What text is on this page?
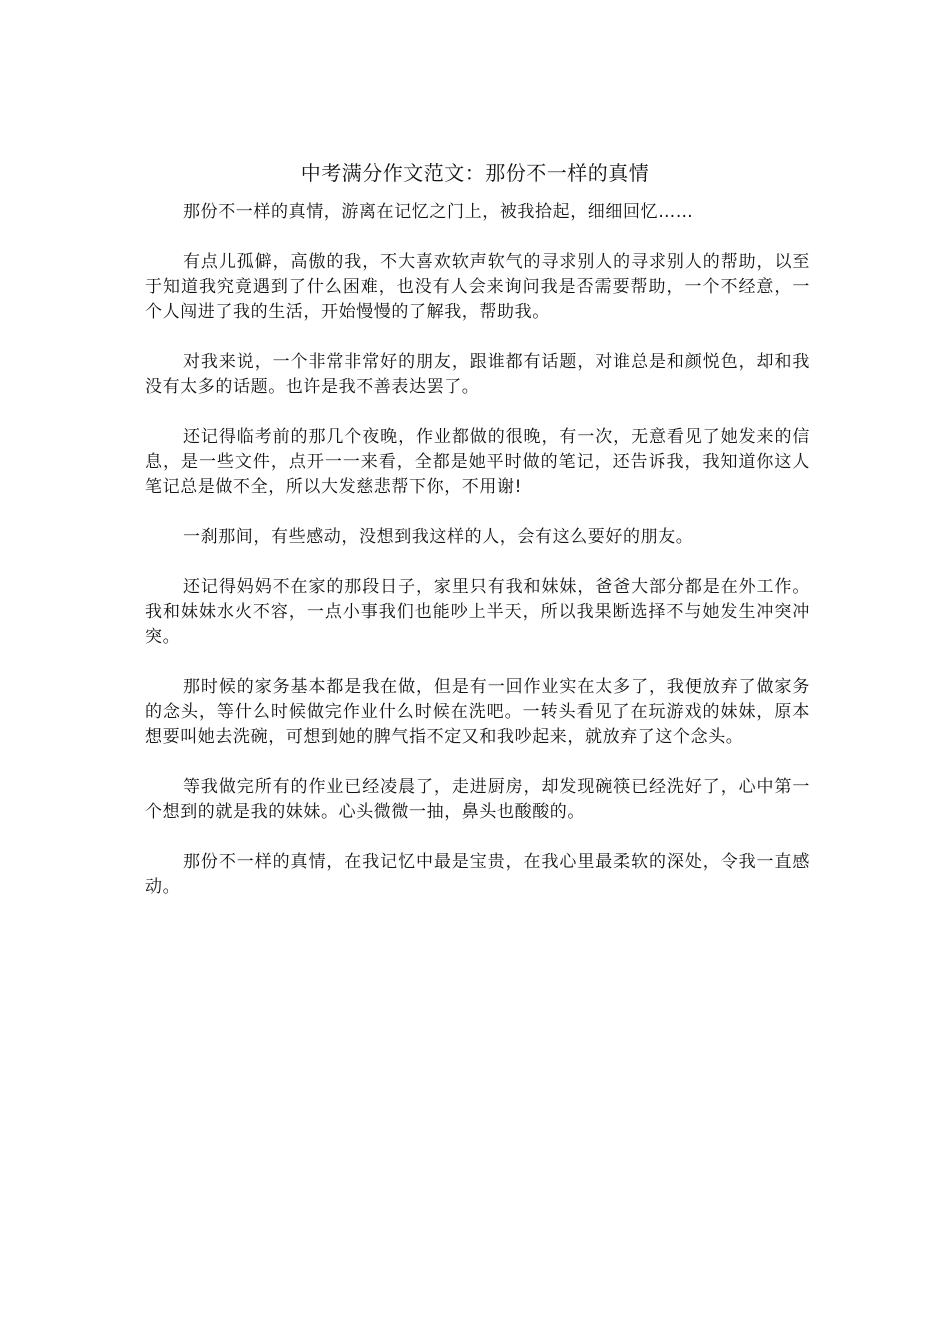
中考满分作文范文：那份不一样的真情

那份不一样的真情，游离在记忆之门上，被我拾起，细细回忆……

有点儿孤僻，高傲的我，不大喜欢软声软气的寻求别人的寻求别人的帮助，以至于知道我究竟遇到了什么困难，也没有人会来询问我是否需要帮助，一个不经意，一个人闯进了我的生活，开始慢慢的了解我，帮助我。

对我来说，一个非常非常好的朋友，跟谁都有话题，对谁总是和颜悦色，却和我没有太多的话题。也许是我不善表达罢了。

还记得临考前的那几个夜晚，作业都做的很晚，有一次，无意看见了她发来的信息，是一些文件，点开一一来看，全都是她平时做的笔记，还告诉我，我知道你这人笔记总是做不全，所以大发慈悲帮下你，不用谢!

一刹那间，有些感动，没想到我这样的人，会有这么要好的朋友。

还记得妈妈不在家的那段日子，家里只有我和妹妹，爸爸大部分都是在外工作。我和妹妹水火不容，一点小事我们也能吵上半天，所以我果断选择不与她发生冲突冲突。

那时候的家务基本都是我在做，但是有一回作业实在太多了，我便放弃了做家务的念头，等什么时候做完作业什么时候在洗吧。一转头看见了在玩游戏的妹妹，原本想要叫她去洗碗，可想到她的脾气指不定又和我吵起来，就放弃了这个念头。

等我做完所有的作业已经凌晨了，走进厨房，却发现碗筷已经洗好了，心中第一个想到的就是我的妹妹。心头微微一抽，鼻头也酸酸的。

那份不一样的真情，在我记忆中最是宝贵，在我心里最柔软的深处，令我一直感动。
